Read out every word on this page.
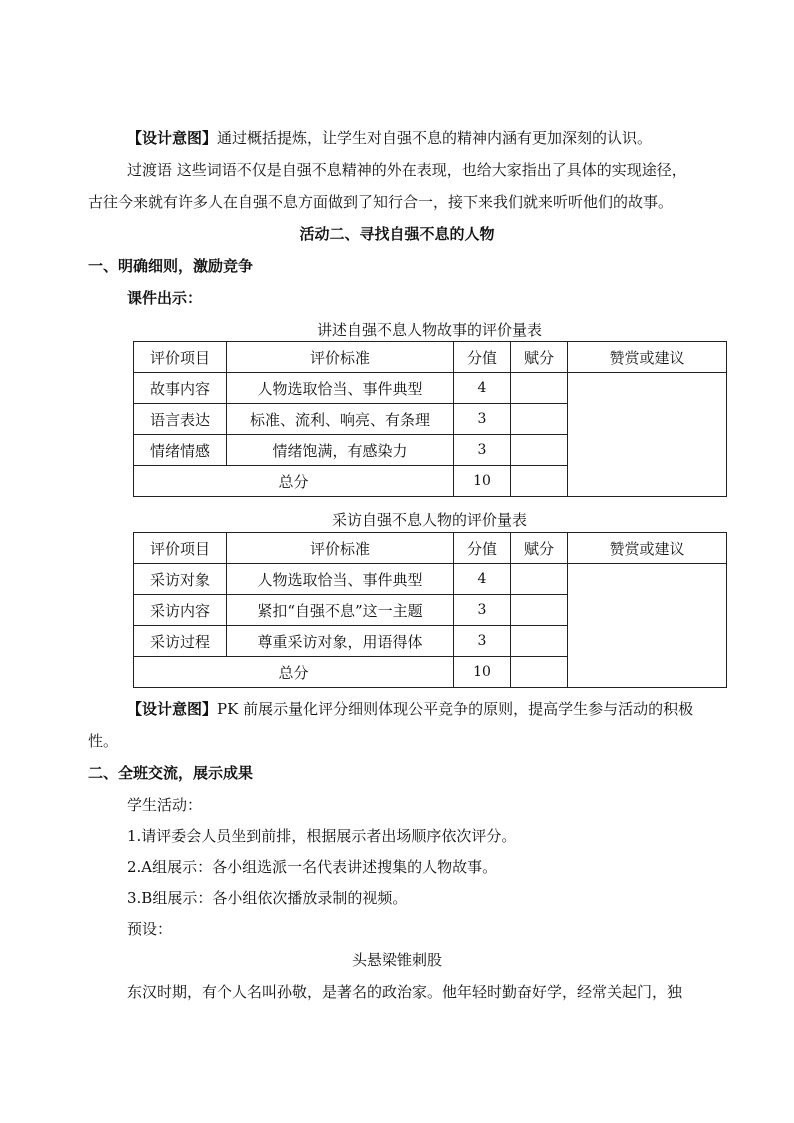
【设计意图】通过概括提炼，让学生对自强不息的精神内涵有更加深刻的认识。
过渡语 这些词语不仅是自强不息精神的外在表现，也给大家指出了具体的实现途径，
古往今来就有许多人在自强不息方面做到了知行合一，接下来我们就来听听他们的故事。
活动二、寻找自强不息的人物
一、明确细则，激励竞争
课件出示：
讲述自强不息人物故事的评价量表
评价项目	评价标准	分值	赋分	赞赏或建议
故事内容	人物选取恰当、事件典型	4		
语言表达	标准、流利、响亮、有条理	3		
情绪情感	情绪饱满，有感染力	3		
总分		10		
采访自强不息人物的评价量表
评价项目	评价标准	分值	赋分	赞赏或建议
采访对象	人物选取恰当、事件典型	4		
采访内容	紧扣“自强不息”这一主题	3		
采访过程	尊重采访对象，用语得体	3		
总分		10		
【设计意图】PK 前展示量化评分细则体现公平竞争的原则，提高学生参与活动的积极
性。
二、全班交流，展示成果
学生活动：
1.请评委会人员坐到前排，根据展示者出场顺序依次评分。
2.A组展示：各小组选派一名代表讲述搜集的人物故事。
3.B组展示：各小组依次播放录制的视频。
预设：
头悬梁锥刺股
东汉时期，有个人名叫孙敬，是著名的政治家。他年轻时勤奋好学，经常关起门，独
